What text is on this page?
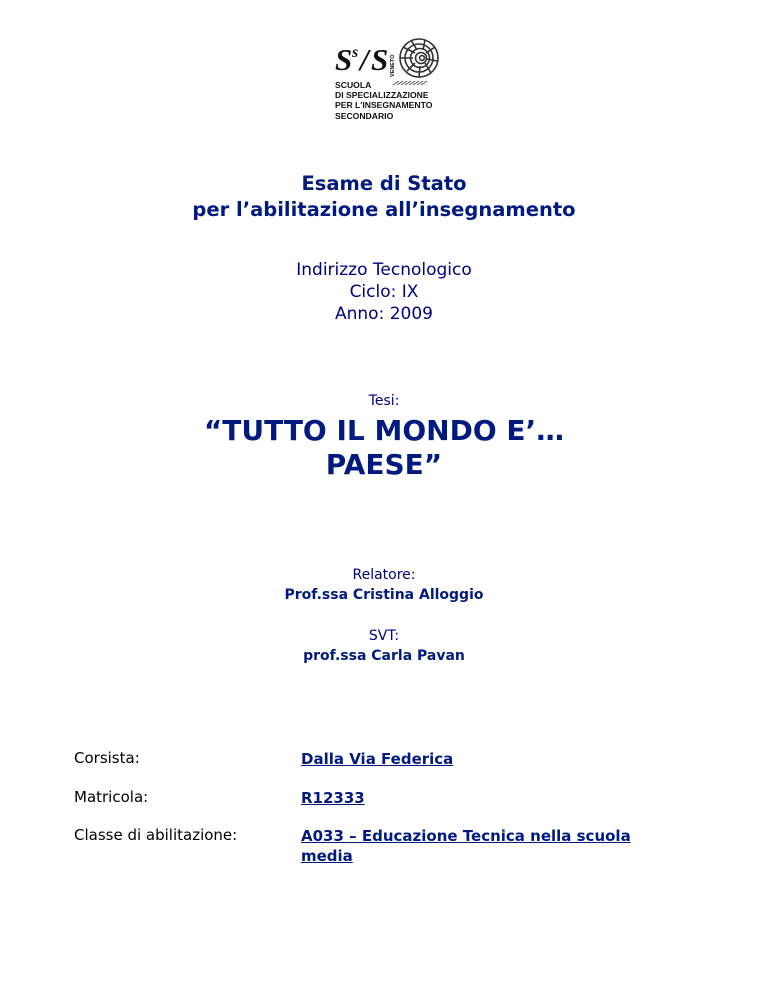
S s / S VENETO
SCUOLA
DI SPECIALIZZAZIONE
PER L'INSEGNAMENTO
SECONDARIO
Esame di Stato
per l’abilitazione all’insegnamento
Indirizzo Tecnologico
Ciclo: IX
Anno: 2009
Tesi:
“TUTTO IL MONDO E’…
PAESE”
Relatore:
Prof.ssa Cristina Alloggio
SVT:
prof.ssa Carla Pavan
Corsista:	Dalla Via Federica
Matricola:	R12333
Classe di abilitazione:	A033 – Educazione Tecnica nella scuola media
